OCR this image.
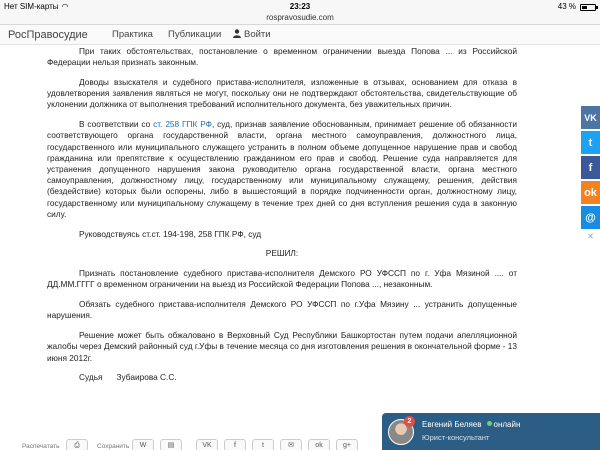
Нет SIM-карты ◠	23:23	43 %
rospravosudie.com
РосПравосудие	Практика Публикации	Войти

При таких обстоятельствах, постановление о временном ограничении выезда Попова ... из Российской Федерации нельзя признать законным.

Доводы взыскателя и судебного пристава-исполнителя, изложенные в отзывах, основанием для отказа в удовлетворения заявления являться не могут, поскольку они не подтверждают обстоятельства, свидетельствующие об уклонении должника от выполнения требований исполнительного документа, без уважительных причин.

В соответствии со ст. 258 ГПК РФ, суд, признав заявление обоснованным, принимает решение об обязанности соответствующего органа государственной власти, органа местного самоуправления, должностного лица, государственного или муниципального служащего устранить в полном объеме допущенное нарушение прав и свобод гражданина или препятствие к осуществлению гражданином его прав и свобод. Решение суда направляется для устранения допущенного нарушения закона руководителю органа государственной власти, органа местного самоуправления, должностному лицу, государственному или муниципальному служащему, решения, действия (бездействие) которых были оспорены, либо в вышестоящий в порядке подчиненности орган, должностному лицу, государственному или муниципальному служащему в течение трех дней со дня вступления решения суда в законную силу.

Руководствуясь ст.ст. 194-198, 258 ГПК РФ, суд

РЕШИЛ:

Признать постановление судебного пристава-исполнителя Демского РО УФССП по г. Уфа Мязиной .... от ДД.ММ.ГГГГ о временном ограничении на выезд из Российской Федерации Попова ..., незаконным.

Обязать судебного пристава-исполнителя Демского РО УФССП по г.Уфа Мязину ... устранить допущенные нарушения.

Решение может быть обжаловано в Верховный Суд Республики Башкортостан путем подачи апелляционной жалобы через Демский районный суд г.Уфы в течение месяца со дня изготовления решения в окончательной форме - 13 июня 2012г.

Судья Зубаирова С.С.

VK
t
f
ok
@
✕
Распечатать	⎙	Сохранить	W	▤	VK	f	t	✉	ok	g+
2	Евгений Беляев онлайн
Юрист-консультант
